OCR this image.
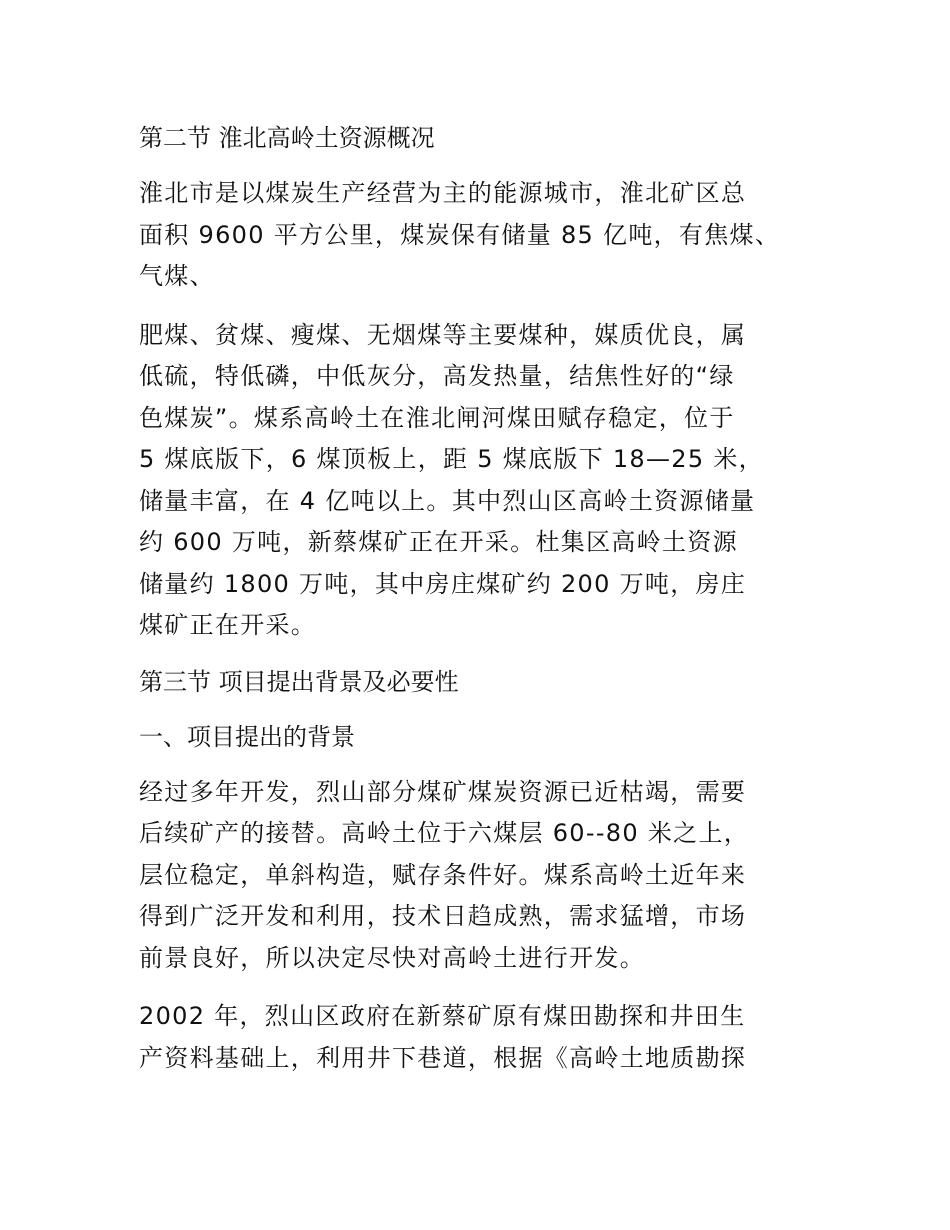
第二节 淮北高岭土资源概况

淮北市是以煤炭生产经营为主的能源城市，淮北矿区总
面积 9600 平方公里，煤炭保有储量 85 亿吨，有焦煤、
气煤、

肥煤、贫煤、瘦煤、无烟煤等主要煤种，媒质优良，属
低硫，特低磷，中低灰分，高发热量，结焦性好的“绿
色煤炭”。煤系高岭土在淮北闸河煤田赋存稳定，位于
5 煤底版下，6 煤顶板上，距 5 煤底版下 18—25 米，
储量丰富，在 4 亿吨以上。其中烈山区高岭土资源储量
约 600 万吨，新蔡煤矿正在开采。杜集区高岭土资源
储量约 1800 万吨，其中房庄煤矿约 200 万吨，房庄
煤矿正在开采。

第三节 项目提出背景及必要性
一、项目提出的背景

经过多年开发，烈山部分煤矿煤炭资源已近枯竭，需要
后续矿产的接替。高岭土位于六煤层 60--80 米之上，
层位稳定，单斜构造，赋存条件好。煤系高岭土近年来
得到广泛开发和利用，技术日趋成熟，需求猛增，市场
前景良好，所以决定尽快对高岭土进行开发。

2002 年，烈山区政府在新蔡矿原有煤田勘探和井田生
产资料基础上，利用井下巷道，根据《高岭土地质勘探
